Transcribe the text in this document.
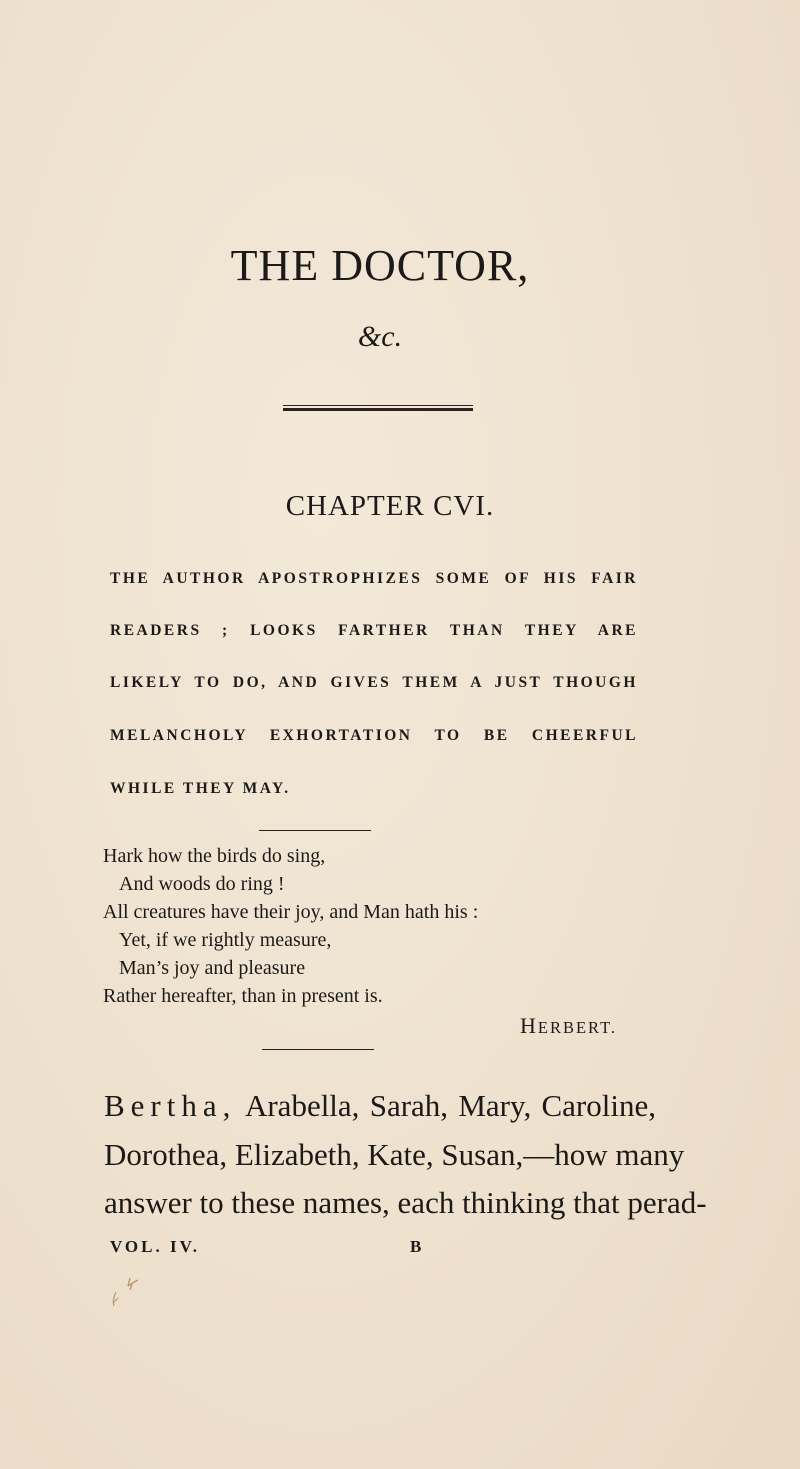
THE DOCTOR,
&c.
CHAPTER CVI.
THE AUTHOR APOSTROPHIZES SOME OF HIS FAIR
READERS ; LOOKS FARTHER THAN THEY ARE
LIKELY TO DO, AND GIVES THEM A JUST THOUGH
MELANCHOLY EXHORTATION TO BE CHEERFUL
WHILE THEY MAY.
Hark how the birds do sing,
And woods do ring !
All creatures have their joy, and Man hath his :
Yet, if we rightly measure,
Man’s joy and pleasure
Rather hereafter, than in present is.
HERBERT.
Bertha, Arabella, Sarah, Mary, Caroline,
Dorothea, Elizabeth, Kate, Susan,—how many
answer to these names, each thinking that perad-
VOL. IV.	B
